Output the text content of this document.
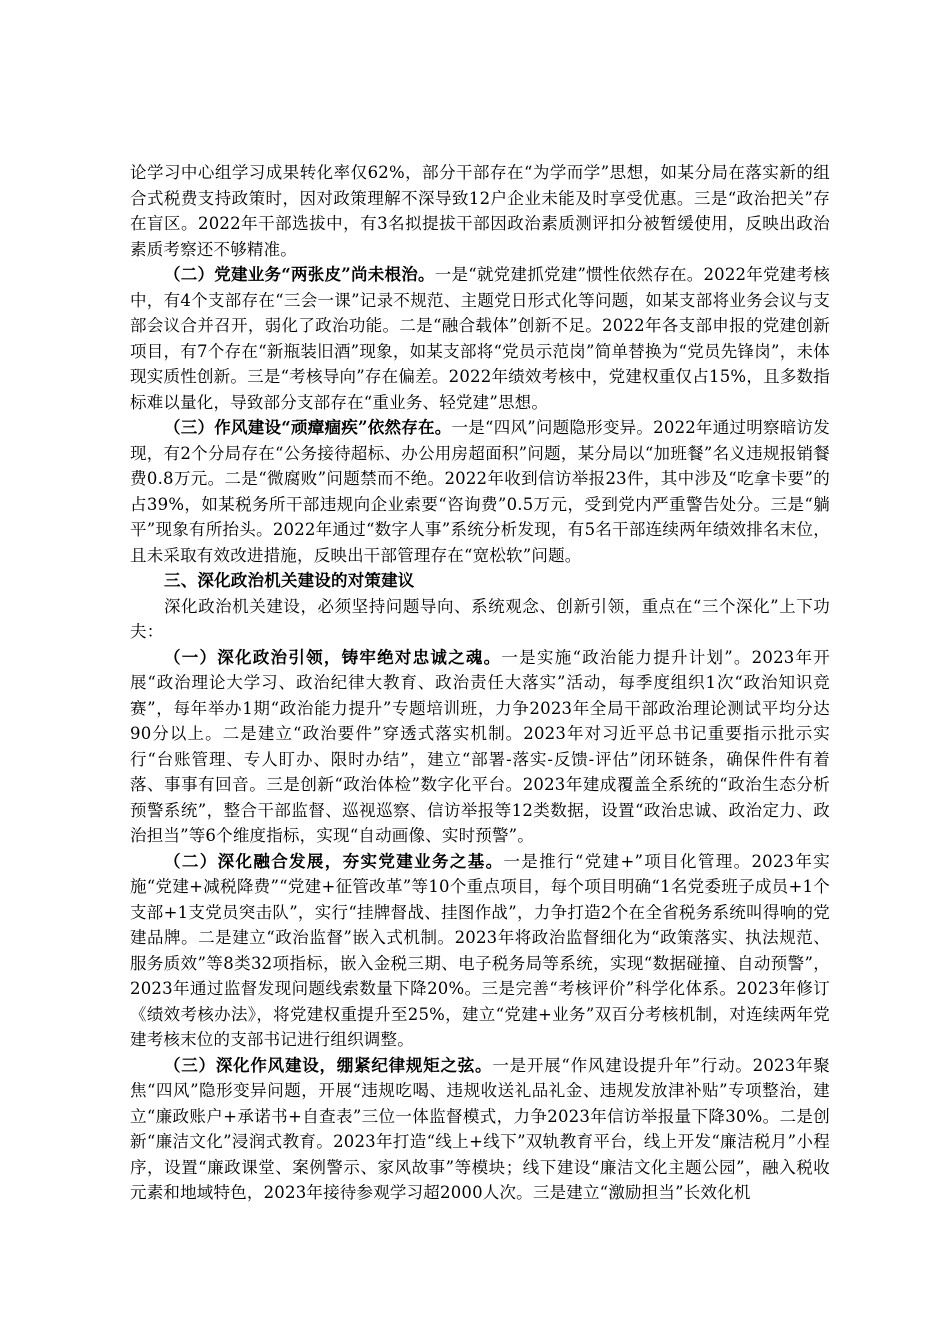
论学习中心组学习成果转化率仅62%，部分干部存在“为学而学”思想，如某分局在落实新的组合式税费支持政策时，因对政策理解不深导致12户企业未能及时享受优惠。三是“政治把关”存在盲区。2022年干部选拔中，有3名拟提拔干部因政治素质测评扣分被暂缓使用，反映出政治素质考察还不够精准。

（二）党建业务“两张皮”尚未根治。一是“就党建抓党建”惯性依然存在。2022年党建考核中，有4个支部存在“三会一课”记录不规范、主题党日形式化等问题，如某支部将业务会议与支部会议合并召开，弱化了政治功能。二是“融合载体”创新不足。2022年各支部申报的党建创新项目，有7个存在“新瓶装旧酒”现象，如某支部将“党员示范岗”简单替换为“党员先锋岗”，未体现实质性创新。三是“考核导向”存在偏差。2022年绩效考核中，党建权重仅占15%，且多数指标难以量化，导致部分支部存在“重业务、轻党建”思想。

（三）作风建设“顽瘴痼疾”依然存在。一是“四风”问题隐形变异。2022年通过明察暗访发现，有2个分局存在“公务接待超标、办公用房超面积”问题，某分局以“加班餐”名义违规报销餐费0.8万元。二是“微腐败”问题禁而不绝。2022年收到信访举报23件，其中涉及“吃拿卡要”的占39%，如某税务所干部违规向企业索要“咨询费”0.5万元，受到党内严重警告处分。三是“躺平”现象有所抬头。2022年通过“数字人事”系统分析发现，有5名干部连续两年绩效排名末位，且未采取有效改进措施，反映出干部管理存在“宽松软”问题。

三、深化政治机关建设的对策建议

深化政治机关建设，必须坚持问题导向、系统观念、创新引领，重点在“三个深化”上下功夫：

（一）深化政治引领，铸牢绝对忠诚之魂。一是实施“政治能力提升计划”。2023年开展“政治理论大学习、政治纪律大教育、政治责任大落实”活动，每季度组织1次“政治知识竞赛”，每年举办1期“政治能力提升”专题培训班，力争2023年全局干部政治理论测试平均分达90分以上。二是建立“政治要件”穿透式落实机制。2023年对习近平总书记重要指示批示实行“台账管理、专人盯办、限时办结”，建立“部署-落实-反馈-评估”闭环链条，确保件件有着落、事事有回音。三是创新“政治体检”数字化平台。2023年建成覆盖全系统的“政治生态分析预警系统”，整合干部监督、巡视巡察、信访举报等12类数据，设置“政治忠诚、政治定力、政治担当”等6个维度指标，实现“自动画像、实时预警”。

（二）深化融合发展，夯实党建业务之基。一是推行“党建+”项目化管理。2023年实施“党建+减税降费”“党建+征管改革”等10个重点项目，每个项目明确“1名党委班子成员+1个支部+1支党员突击队”，实行“挂牌督战、挂图作战”，力争打造2个在全省税务系统叫得响的党建品牌。二是建立“政治监督”嵌入式机制。2023年将政治监督细化为“政策落实、执法规范、服务质效”等8类32项指标，嵌入金税三期、电子税务局等系统，实现“数据碰撞、自动预警”，2023年通过监督发现问题线索数量下降20%。三是完善“考核评价”科学化体系。2023年修订《绩效考核办法》，将党建权重提升至25%，建立“党建+业务”双百分考核机制，对连续两年党建考核末位的支部书记进行组织调整。

（三）深化作风建设，绷紧纪律规矩之弦。一是开展“作风建设提升年”行动。2023年聚焦“四风”隐形变异问题，开展“违规吃喝、违规收送礼品礼金、违规发放津补贴”专项整治，建立“廉政账户+承诺书+自查表”三位一体监督模式，力争2023年信访举报量下降30%。二是创新“廉洁文化”浸润式教育。2023年打造“线上+线下”双轨教育平台，线上开发“廉洁税月”小程序，设置“廉政课堂、案例警示、家风故事”等模块；线下建设“廉洁文化主题公园”，融入税收元素和地域特色，2023年接待参观学习超2000人次。三是建立“激励担当”长效化机
